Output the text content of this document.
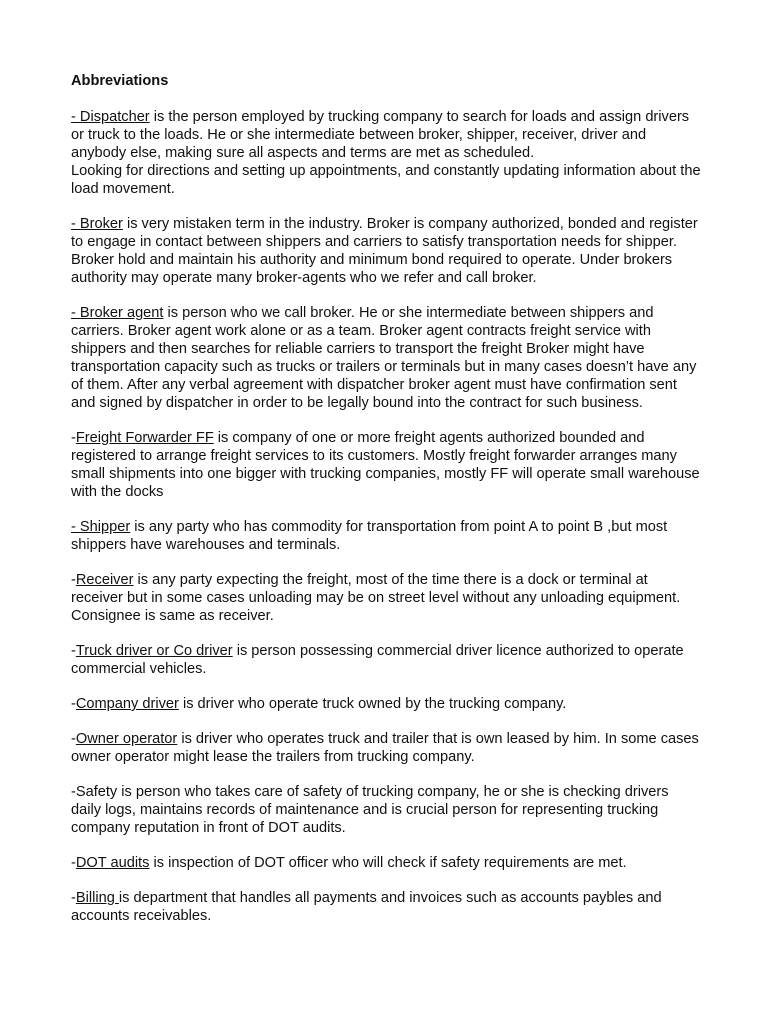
Abbreviations

- Dispatcher is the person employed by trucking company to search for loads and assign drivers or truck to the loads. He or she intermediate between broker, shipper, receiver, driver and anybody else, making sure all aspects and terms are met as scheduled.

Looking for directions and setting up appointments, and constantly updating information about the load movement.

- Broker is very mistaken term in the industry. Broker is company authorized, bonded and register to engage in contact between shippers and carriers to satisfy transportation needs for shipper. Broker hold and maintain his authority and minimum bond required to operate. Under brokers authority may operate many broker-agents who we refer and call broker.

- Broker agent is person who we call broker. He or she intermediate between shippers and carriers. Broker agent work alone or as a team. Broker agent contracts freight service with shippers and then searches for reliable carriers to transport the freight Broker might have transportation capacity such as trucks or trailers or terminals but in many cases doesn’t have any of them. After any verbal agreement with dispatcher broker agent must have confirmation sent and signed by dispatcher in order to be legally bound into the contract for such business.

-Freight Forwarder FF is company of one or more freight agents authorized bounded and registered to arrange freight services to its customers. Mostly freight forwarder arranges many small shipments into one bigger with trucking companies, mostly FF will operate small warehouse with the docks

- Shipper is any party who has commodity for transportation from point A to point B ,but most shippers have warehouses and terminals.

-Receiver is any party expecting the freight, most of the time there is a dock or terminal at receiver but in some cases unloading may be on street level without any unloading equipment. Consignee is same as receiver.

-Truck driver or Co driver is person possessing commercial driver licence authorized to operate commercial vehicles.

-Company driver is driver who operate truck owned by the trucking company.

-Owner operator is driver who operates truck and trailer that is own leased by him. In some cases owner operator might lease the trailers from trucking company.

-Safety is person who takes care of safety of trucking company, he or she is checking drivers daily logs, maintains records of maintenance and is crucial person for representing trucking company reputation in front of DOT audits.

-DOT audits is inspection of DOT officer who will check if safety requirements are met.

-Billing is department that handles all payments and invoices such as accounts paybles and accounts receivables.
